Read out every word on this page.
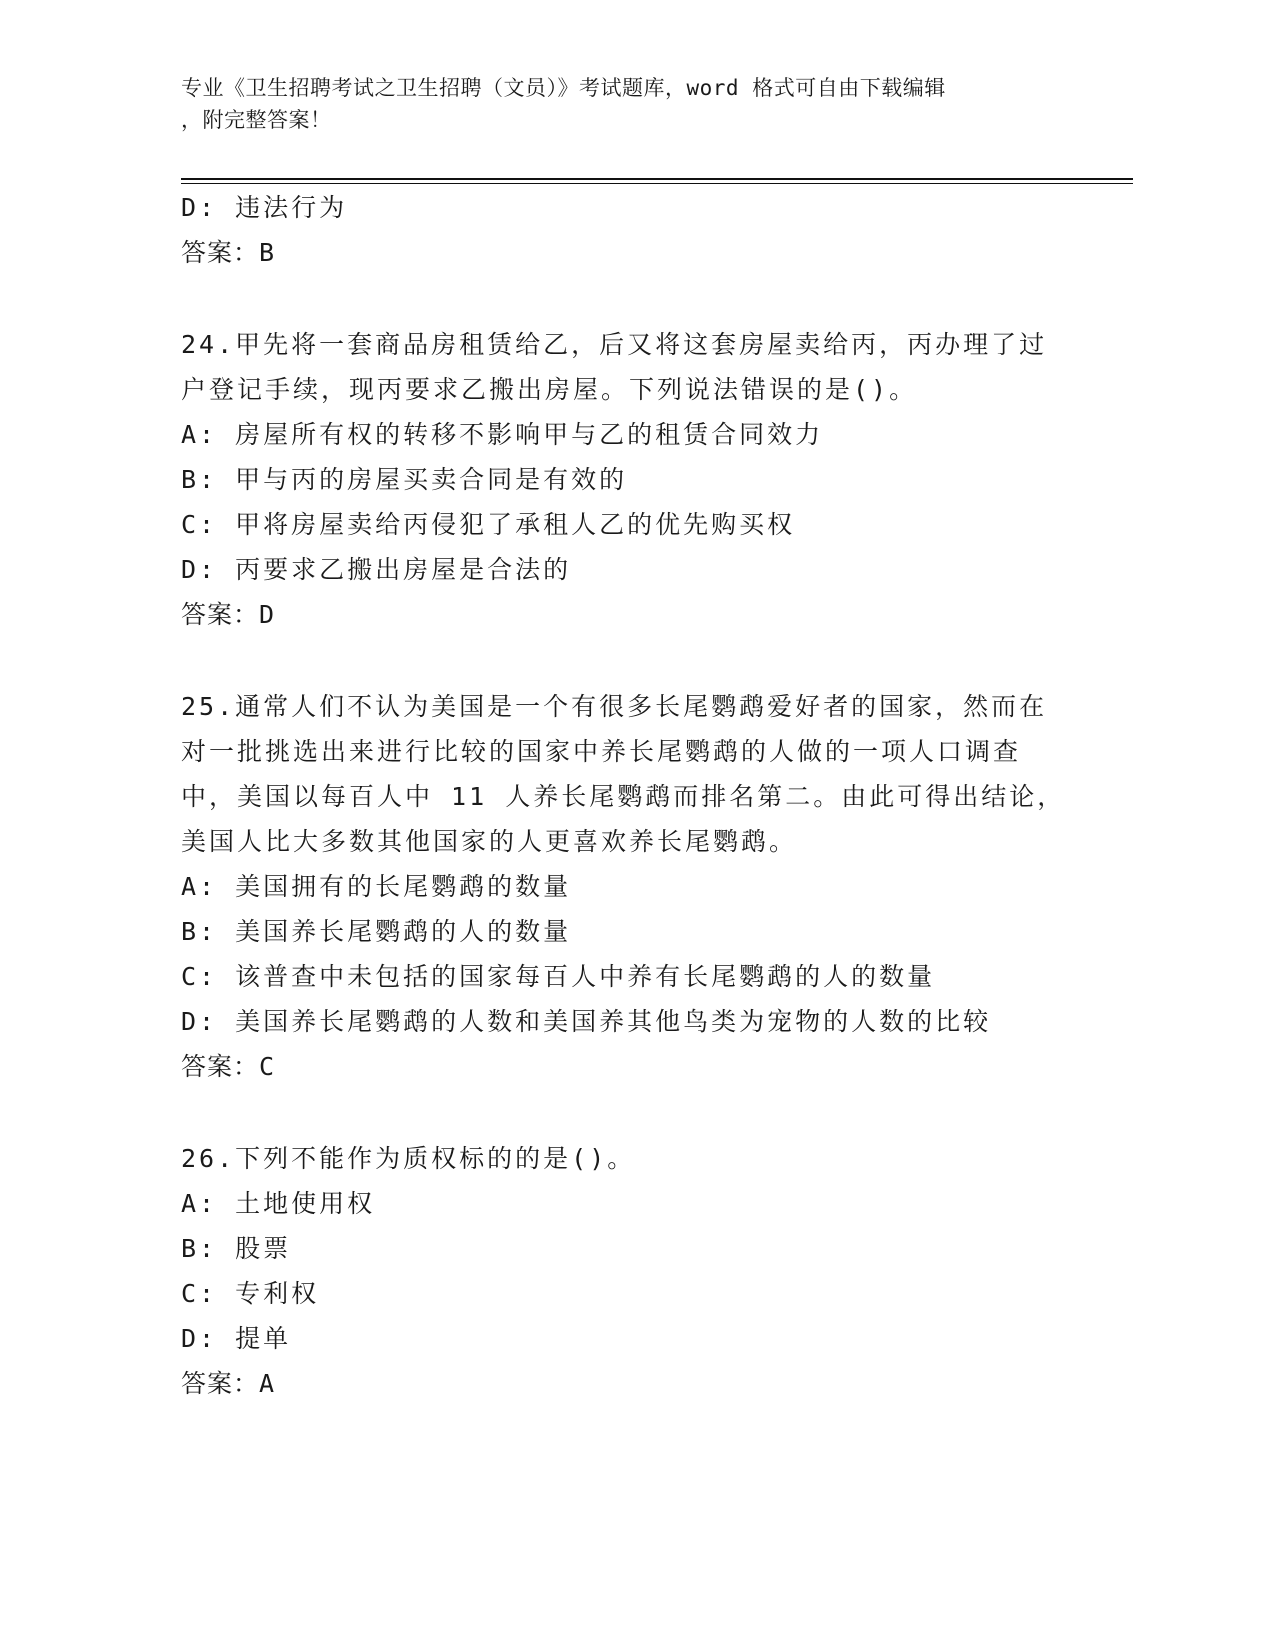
专业《卫生招聘考试之卫生招聘（文员）》考试题库，word 格式可自由下载编辑
，附完整答案！
D: 违法行为
答案：B
24.甲先将一套商品房租赁给乙，后又将这套房屋卖给丙，丙办理了过
户登记手续，现丙要求乙搬出房屋。下列说法错误的是()。
A: 房屋所有权的转移不影响甲与乙的租赁合同效力
B: 甲与丙的房屋买卖合同是有效的
C: 甲将房屋卖给丙侵犯了承租人乙的优先购买权
D: 丙要求乙搬出房屋是合法的
答案：D
25.通常人们不认为美国是一个有很多长尾鹦鹉爱好者的国家，然而在
对一批挑选出来进行比较的国家中养长尾鹦鹉的人做的一项人口调查
中，美国以每百人中 11 人养长尾鹦鹉而排名第二。由此可得出结论，
美国人比大多数其他国家的人更喜欢养长尾鹦鹉。
A: 美国拥有的长尾鹦鹉的数量
B: 美国养长尾鹦鹉的人的数量
C: 该普查中未包括的国家每百人中养有长尾鹦鹉的人的数量
D: 美国养长尾鹦鹉的人数和美国养其他鸟类为宠物的人数的比较
答案：C
26.下列不能作为质权标的的是()。
A: 土地使用权
B: 股票
C: 专利权
D: 提单
答案：A
